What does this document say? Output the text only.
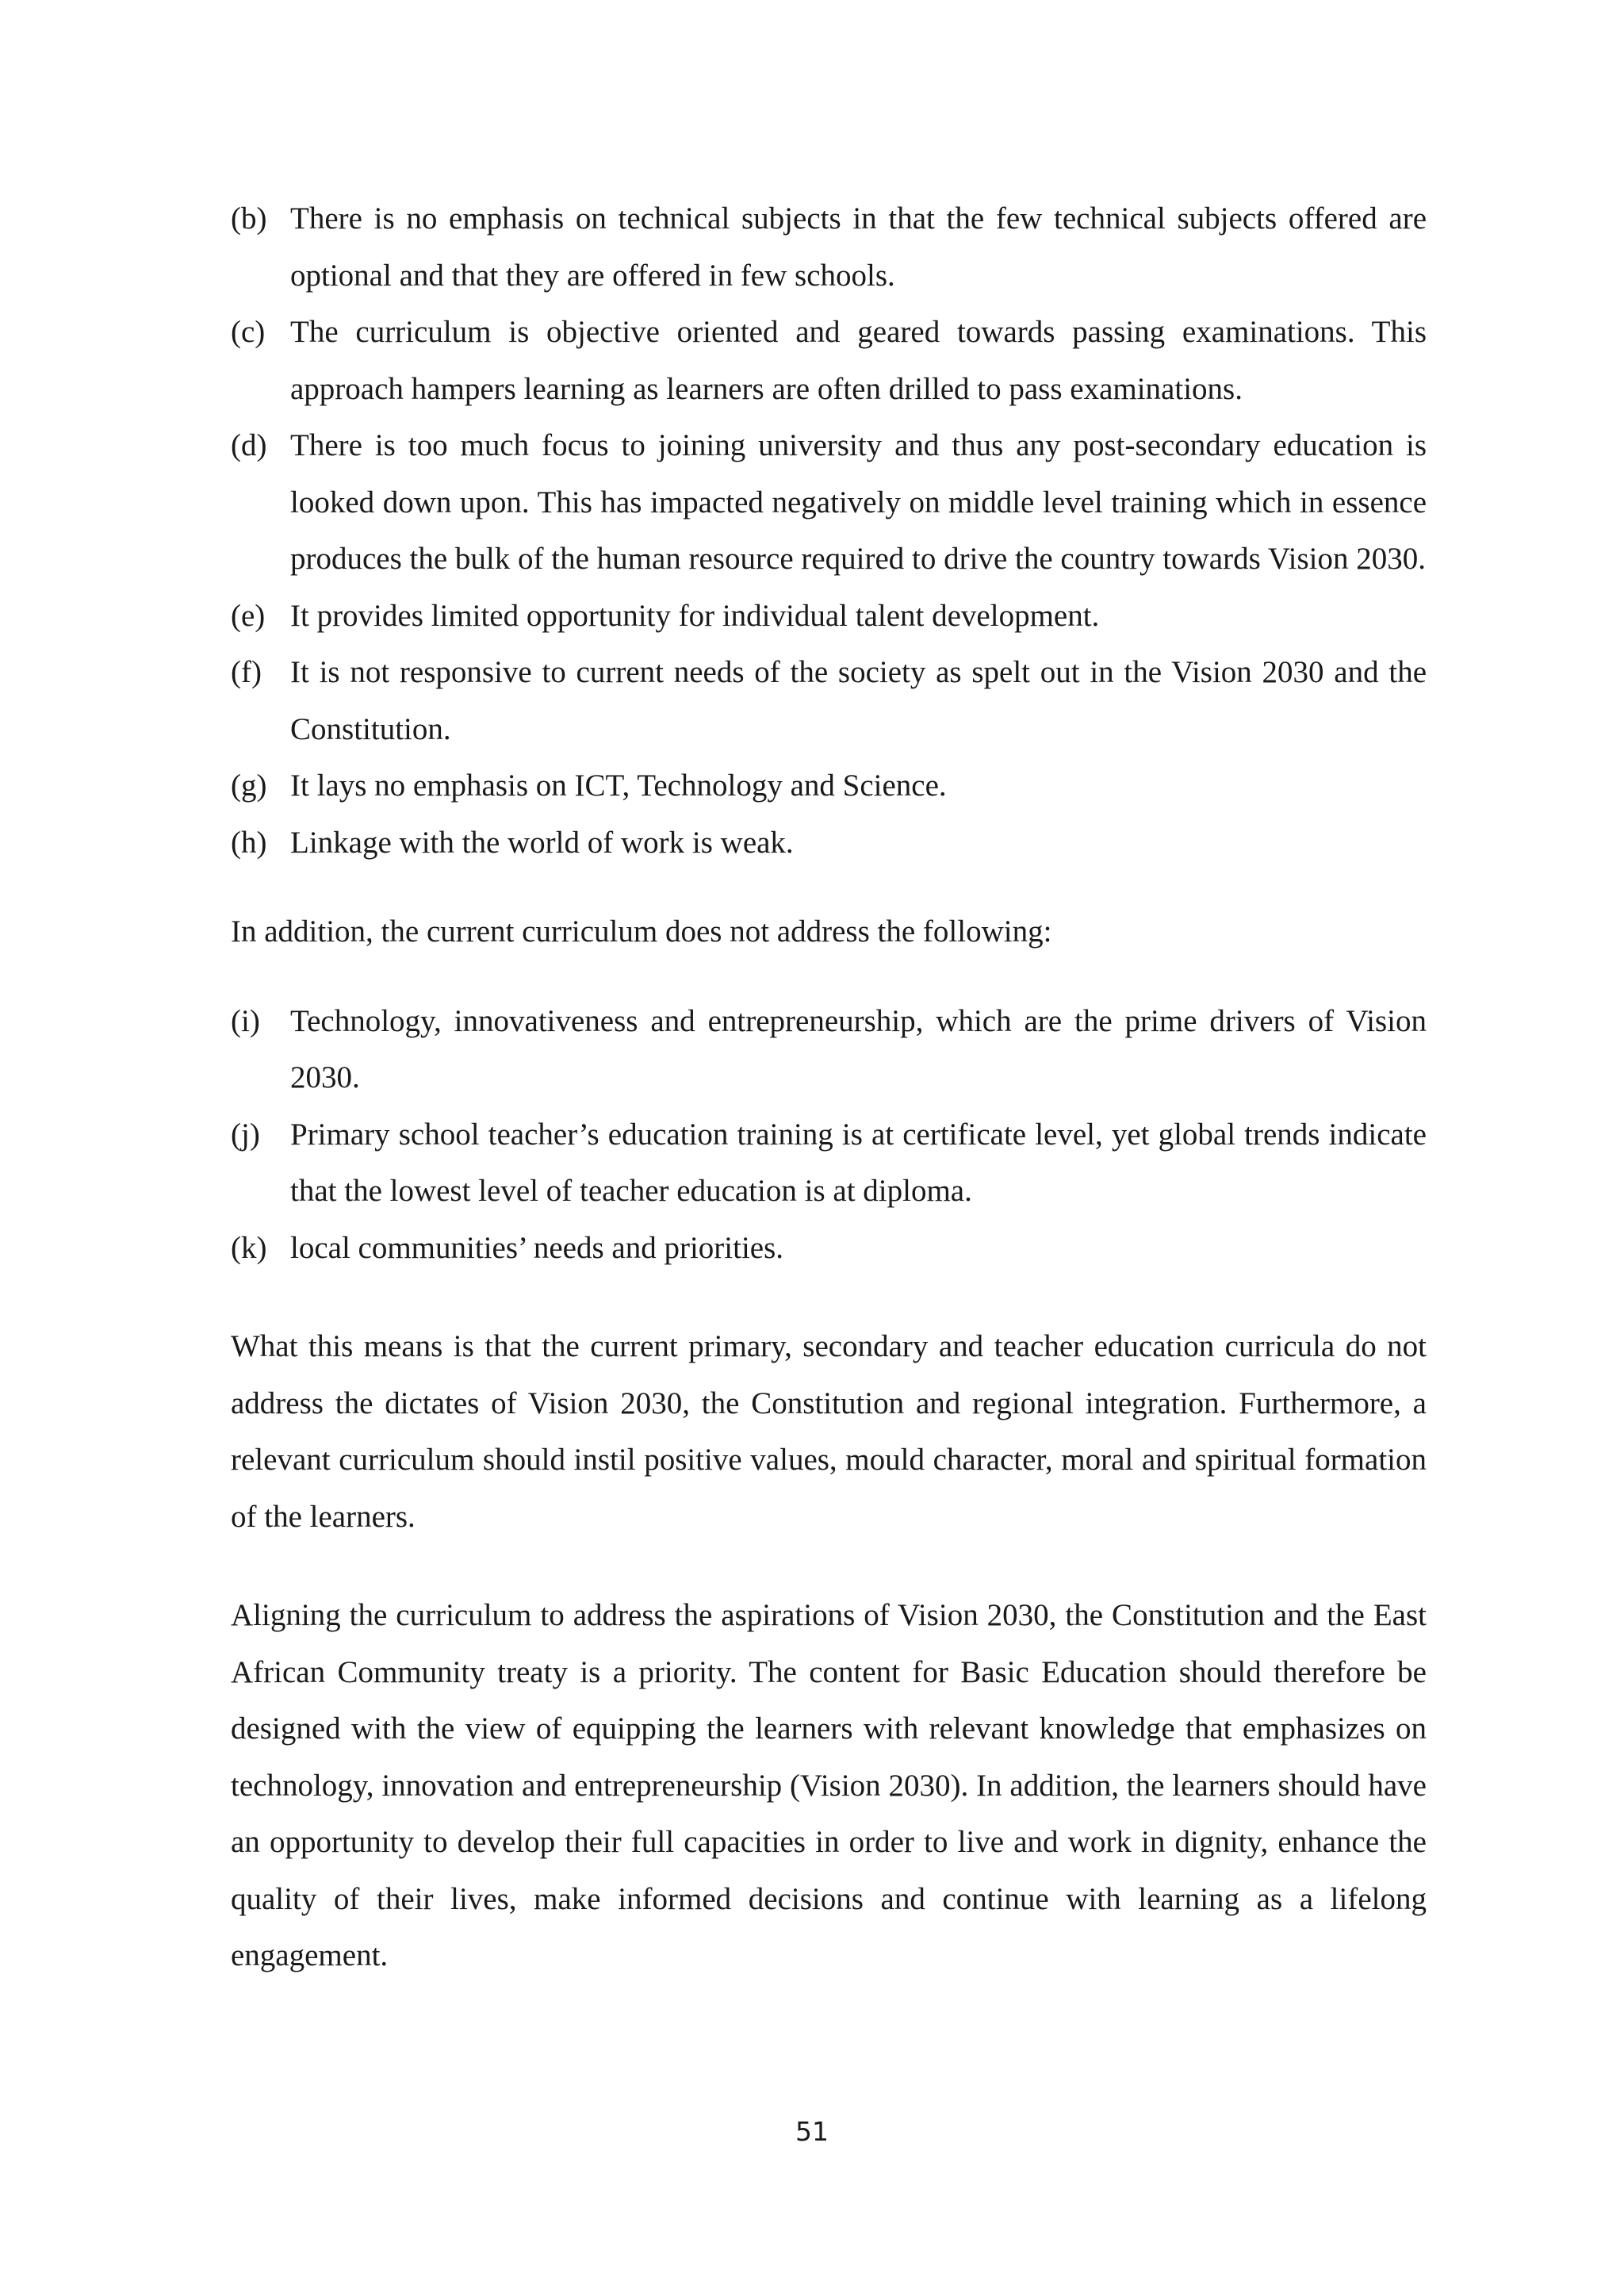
(b) There is no emphasis on technical subjects in that the few technical subjects offered are optional and that they are offered in few schools.
(c) The curriculum is objective oriented and geared towards passing examinations. This approach hampers learning as learners are often drilled to pass examinations.
(d) There is too much focus to joining university and thus any post-secondary education is looked down upon. This has impacted negatively on middle level training which in essence produces the bulk of the human resource required to drive the country towards Vision 2030.
(e) It provides limited opportunity for individual talent development.
(f) It is not responsive to current needs of the society as spelt out in the Vision 2030 and the Constitution.
(g) It lays no emphasis on ICT, Technology and Science.
(h) Linkage with the world of work is weak.

In addition, the current curriculum does not address the following:

(i) Technology, innovativeness and entrepreneurship, which are the prime drivers of Vision 2030.
(j) Primary school teacher’s education training is at certificate level, yet global trends indicate that the lowest level of teacher education is at diploma.
(k) local communities’ needs and priorities.

What this means is that the current primary, secondary and teacher education curricula do not address the dictates of Vision 2030, the Constitution and regional integration. Furthermore, a relevant curriculum should instil positive values, mould character, moral and spiritual formation of the learners.

Aligning the curriculum to address the aspirations of Vision 2030, the Constitution and the East African Community treaty is a priority. The content for Basic Education should therefore be designed with the view of equipping the learners with relevant knowledge that emphasizes on technology, innovation and entrepreneurship (Vision 2030). In addition, the learners should have an opportunity to develop their full capacities in order to live and work in dignity, enhance the quality of their lives, make informed decisions and continue with learning as a lifelong engagement.

51
